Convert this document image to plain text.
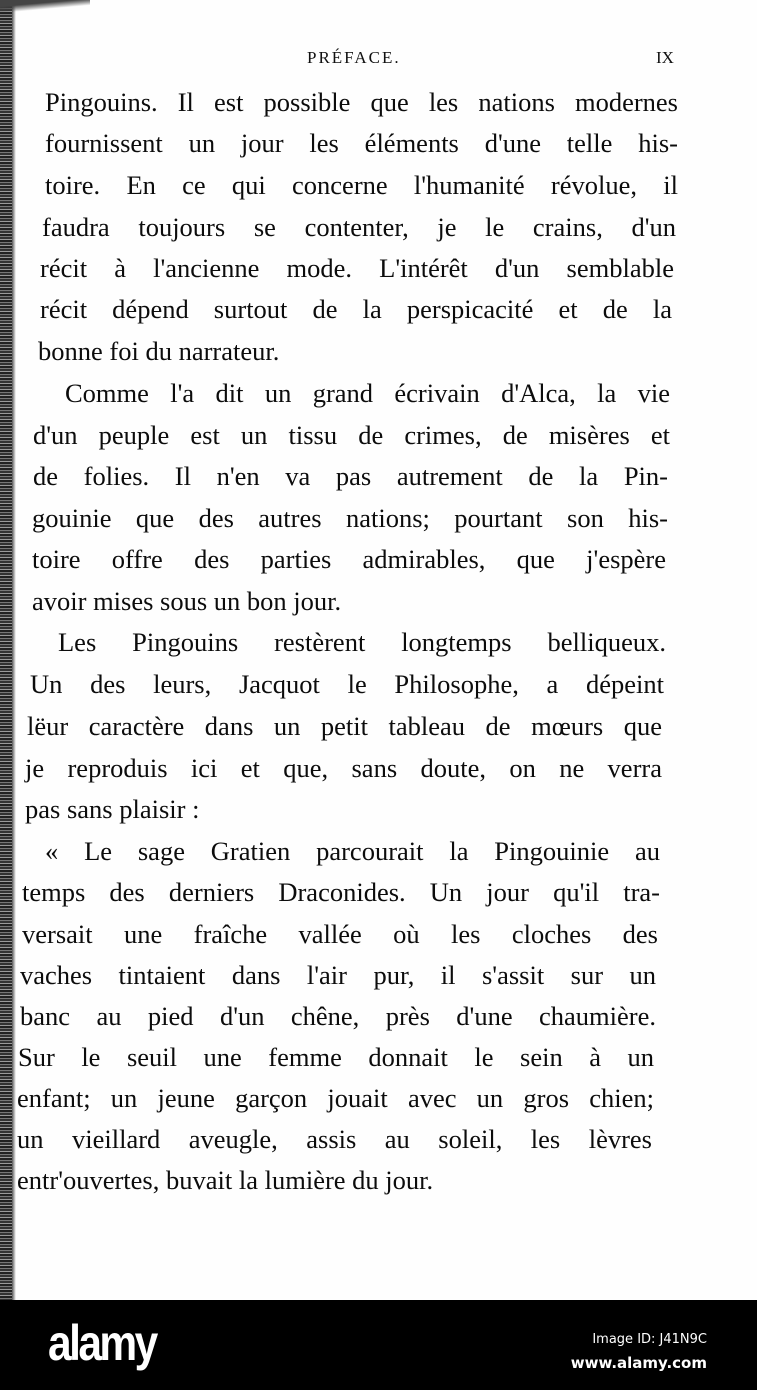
PRÉFACE.	IX
Pingouins. Il est possible que les nations modernes
fournissent un jour les éléments d'une telle his-
toire. En ce qui concerne l'humanité révolue, il
faudra toujours se contenter, je le crains, d'un
récit à l'ancienne mode. L'intérêt d'un semblable
récit dépend surtout de la perspicacité et de la
bonne foi du narrateur.
Comme l'a dit un grand écrivain d'Alca, la vie
d'un peuple est un tissu de crimes, de misères et
de folies. Il n'en va pas autrement de la Pin-
gouinie que des autres nations; pourtant son his-
toire offre des parties admirables, que j'espère
avoir mises sous un bon jour.
Les Pingouins restèrent longtemps belliqueux.
Un des leurs, Jacquot le Philosophe, a dépeint
lëur caractère dans un petit tableau de mœurs que
je reproduis ici et que, sans doute, on ne verra
pas sans plaisir :
« Le sage Gratien parcourait la Pingouinie au
temps des derniers Draconides. Un jour qu'il tra-
versait une fraîche vallée où les cloches des
vaches tintaient dans l'air pur, il s'assit sur un
banc au pied d'un chêne, près d'une chaumière.
Sur le seuil une femme donnait le sein à un
enfant; un jeune garçon jouait avec un gros chien;
un vieillard aveugle, assis au soleil, les lèvres
entr'ouvertes, buvait la lumière du jour.
alamy	Image ID: J41N9C
www.alamy.com
